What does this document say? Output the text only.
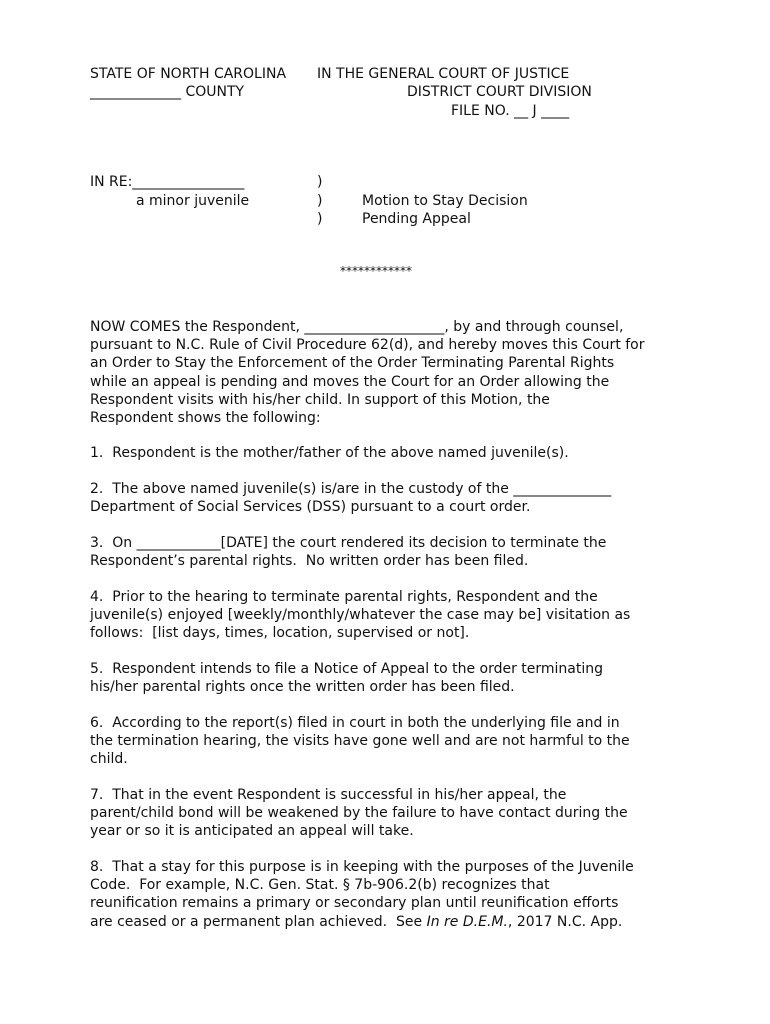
STATE OF NORTH CAROLINA IN THE GENERAL COURT OF JUSTICE

_____________ COUNTY	DISTRICT COURT DIVISION

FILE NO. __ J ____

IN RE:________________

a minor juvenile

)

)

)

Motion to Stay Decision

Pending Appeal

************

NOW COMES the Respondent, ____________________, by and through counsel,
pursuant to N.C. Rule of Civil Procedure 62(d), and hereby moves this Court for
an Order to Stay the Enforcement of the Order Terminating Parental Rights
while an appeal is pending and moves the Court for an Order allowing the
Respondent visits with his/her child. In support of this Motion, the
Respondent shows the following:
1.  Respondent is the mother/father of the above named juvenile(s).
2.  The above named juvenile(s) is/are in the custody of the ______________
Department of Social Services (DSS) pursuant to a court order.
3.  On ____________[DATE] the court rendered its decision to terminate the
Respondent’s parental rights.  No written order has been filed.
4.  Prior to the hearing to terminate parental rights, Respondent and the
juvenile(s) enjoyed [weekly/monthly/whatever the case may be] visitation as
follows:  [list days, times, location, supervised or not].
5.  Respondent intends to file a Notice of Appeal to the order terminating
his/her parental rights once the written order has been filed.
6.  According to the report(s) filed in court in both the underlying file and in
the termination hearing, the visits have gone well and are not harmful to the
child.
7.  That in the event Respondent is successful in his/her appeal, the
parent/child bond will be weakened by the failure to have contact during the
year or so it is anticipated an appeal will take.
8.  That a stay for this purpose is in keeping with the purposes of the Juvenile
Code.  For example, N.C. Gen. Stat. § 7b-906.2(b) recognizes that
reunification remains a primary or secondary plan until reunification efforts
are ceased or a permanent plan achieved.  See In re D.E.M., 2017 N.C. App.
